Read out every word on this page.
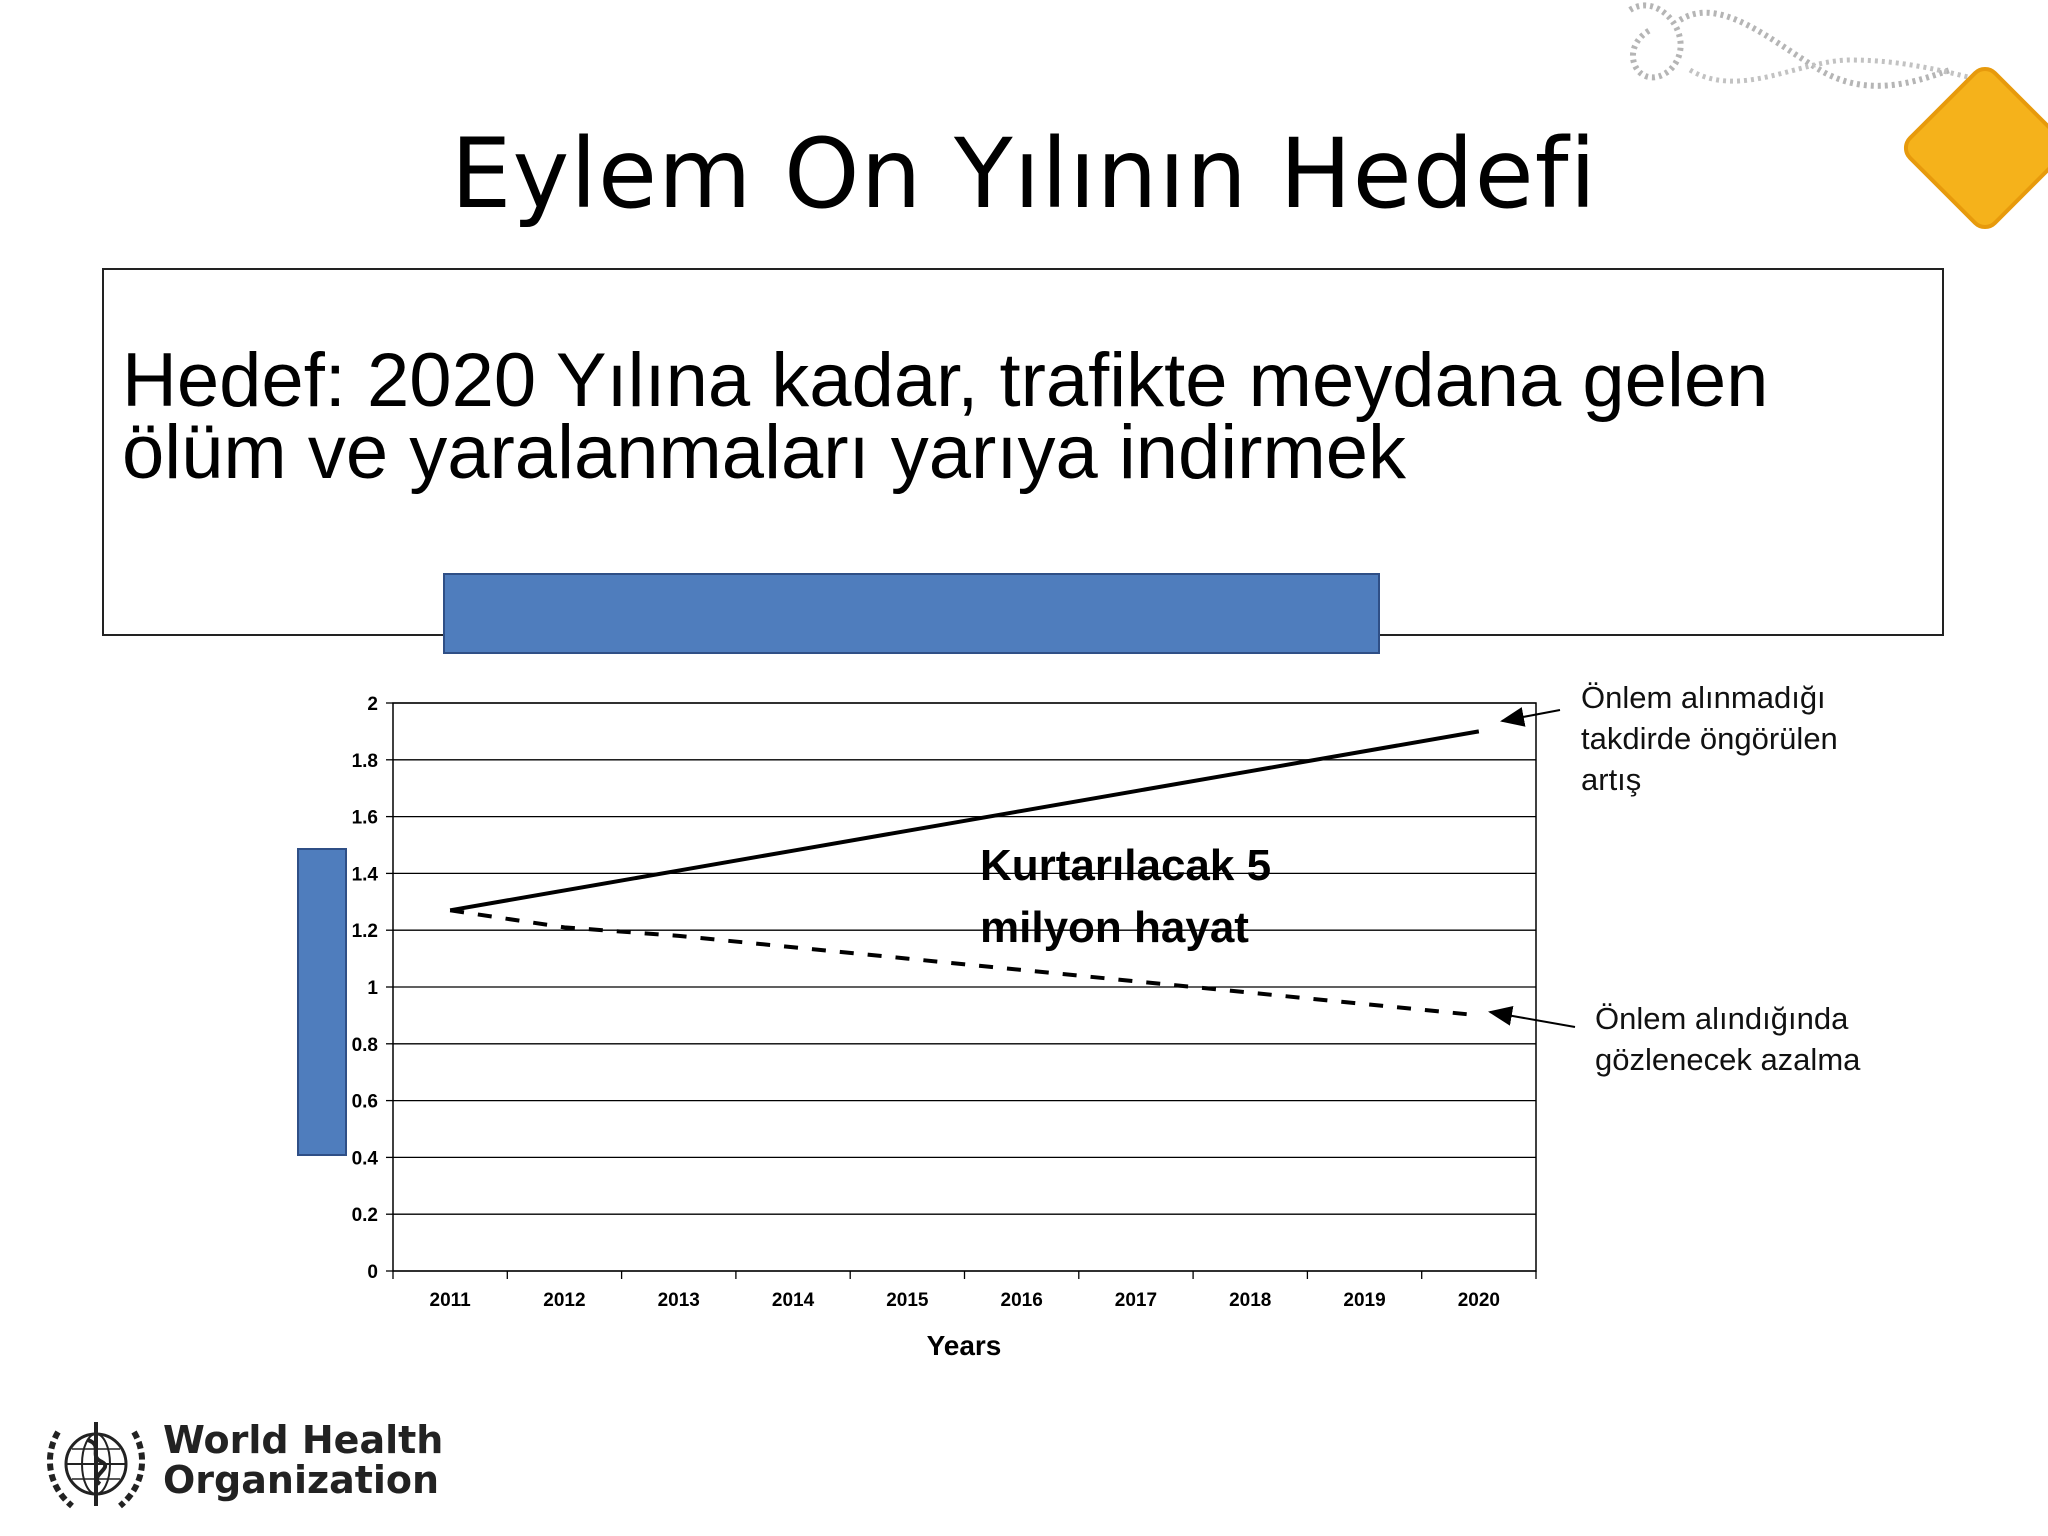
Eylem On Yılının Hedefi
Hedef: 2020 Yılına kadar, trafikte meydana gelen
ölüm ve yaralanmaları yarıya indirmek
0
0.2
0.4
0.6
0.8
1
1.2
1.4
1.6
1.8
2
2011	2012	2013	2014	2015	2016	2017	2018	2019	2020
Years
Kurtarılacak 5
milyon hayat
Önlem alınmadığı
takdirde öngörülen
artış
Önlem alındığında
gözlenecek azalma
World Health
Organization
